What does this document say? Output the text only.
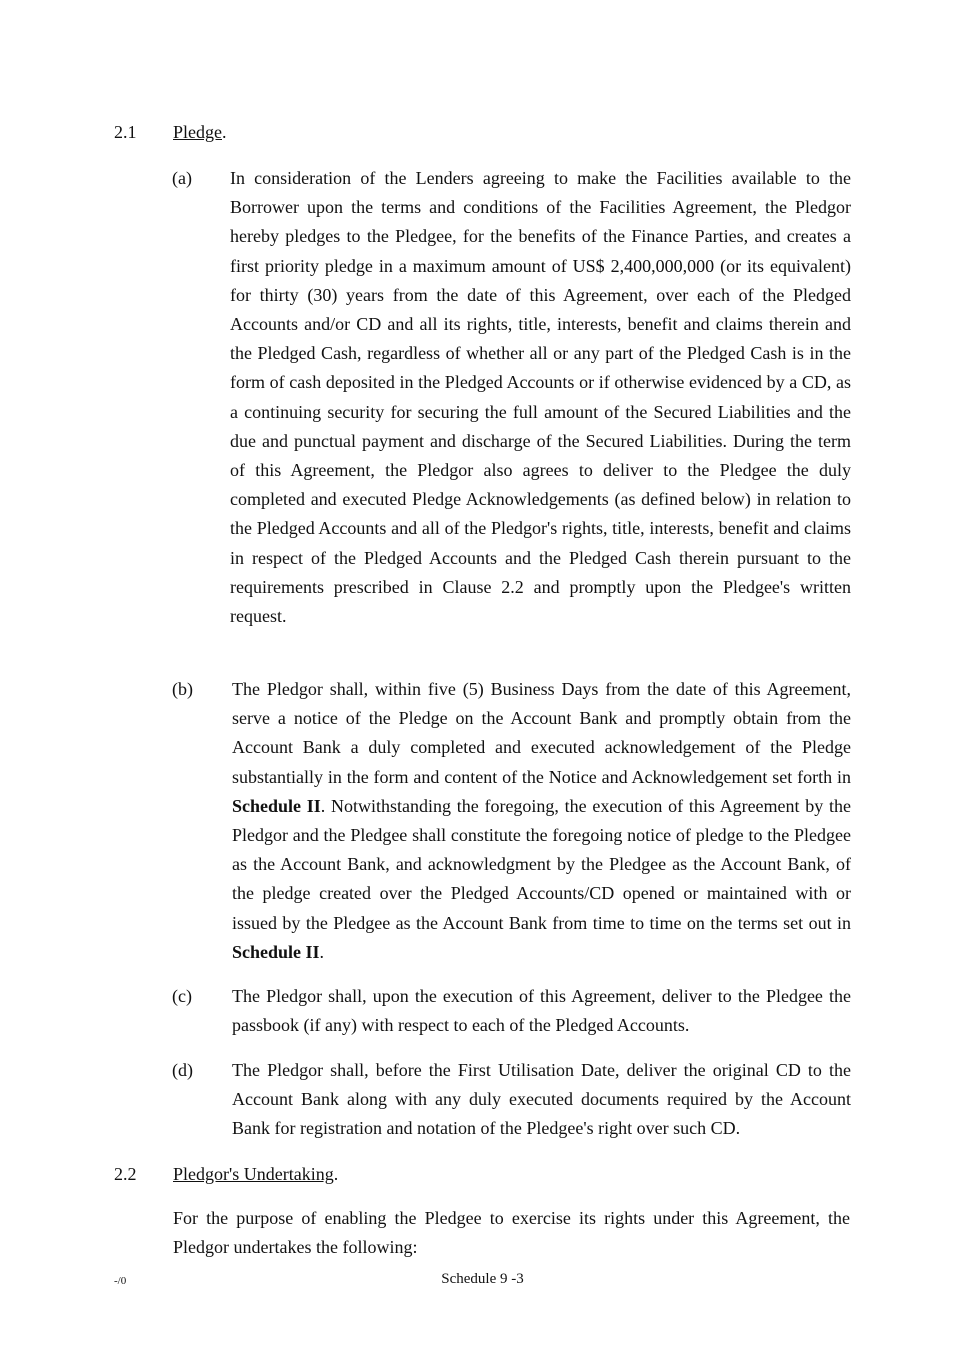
2.1 Pledge.
(a) In consideration of the Lenders agreeing to make the Facilities available to the Borrower upon the terms and conditions of the Facilities Agreement, the Pledgor hereby pledges to the Pledgee, for the benefits of the Finance Parties, and creates a first priority pledge in a maximum amount of US$ 2,400,000,000 (or its equivalent) for thirty (30) years from the date of this Agreement, over each of the Pledged Accounts and/or CD and all its rights, title, interests, benefit and claims therein and the Pledged Cash, regardless of whether all or any part of the Pledged Cash is in the form of cash deposited in the Pledged Accounts or if otherwise evidenced by a CD, as a continuing security for securing the full amount of the Secured Liabilities and the due and punctual payment and discharge of the Secured Liabilities. During the term of this Agreement, the Pledgor also agrees to deliver to the Pledgee the duly completed and executed Pledge Acknowledgements (as defined below) in relation to the Pledged Accounts and all of the Pledgor's rights, title, interests, benefit and claims in respect of the Pledged Accounts and the Pledged Cash therein pursuant to the requirements prescribed in Clause 2.2 and promptly upon the Pledgee's written request.
(b) The Pledgor shall, within five (5) Business Days from the date of this Agreement, serve a notice of the Pledge on the Account Bank and promptly obtain from the Account Bank a duly completed and executed acknowledgement of the Pledge substantially in the form and content of the Notice and Acknowledgement set forth in Schedule II. Notwithstanding the foregoing, the execution of this Agreement by the Pledgor and the Pledgee shall constitute the foregoing notice of pledge to the Pledgee as the Account Bank, and acknowledgment by the Pledgee as the Account Bank, of the pledge created over the Pledged Accounts/CD opened or maintained with or issued by the Pledgee as the Account Bank from time to time on the terms set out in Schedule II.
(c) The Pledgor shall, upon the execution of this Agreement, deliver to the Pledgee the passbook (if any) with respect to each of the Pledged Accounts.
(d) The Pledgor shall, before the First Utilisation Date, deliver the original CD to the Account Bank along with any duly executed documents required by the Account Bank for registration and notation of the Pledgee's right over such CD.
2.2 Pledgor's Undertaking.
For the purpose of enabling the Pledgee to exercise its rights under this Agreement, the Pledgor undertakes the following:
-/0	Schedule 9 -3
